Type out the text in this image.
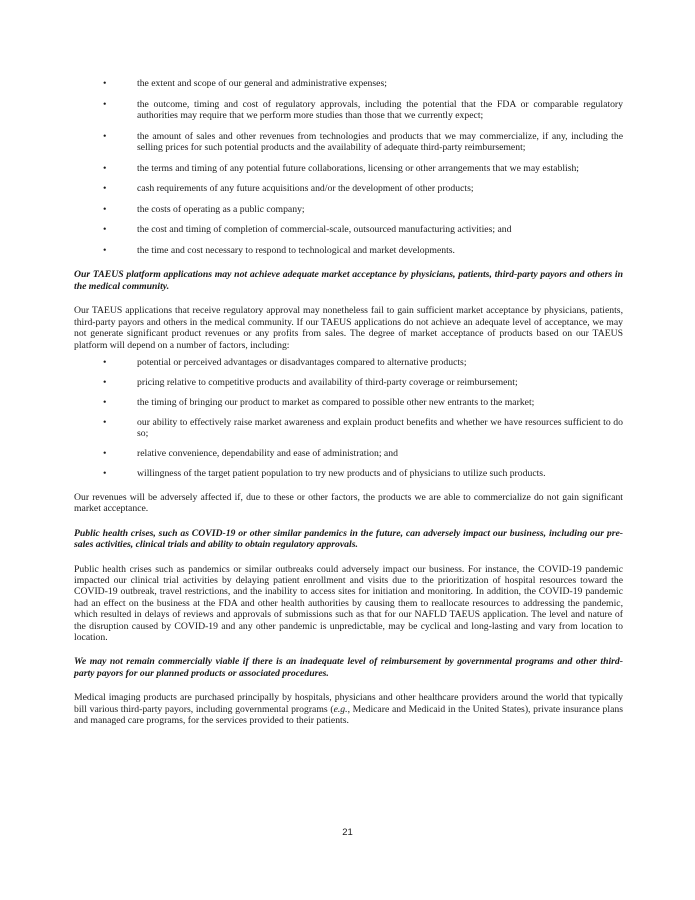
•	the extent and scope of our general and administrative expenses;
•	the outcome, timing and cost of regulatory approvals, including the potential that the FDA or comparable regulatory authorities may require that we perform more studies than those that we currently expect;
•	the amount of sales and other revenues from technologies and products that we may commercialize, if any, including the selling prices for such potential products and the availability of adequate third-party reimbursement;
•	the terms and timing of any potential future collaborations, licensing or other arrangements that we may establish;
•	cash requirements of any future acquisitions and/or the development of other products;
•	the costs of operating as a public company;
•	the cost and timing of completion of commercial-scale, outsourced manufacturing activities; and
•	the time and cost necessary to respond to technological and market developments.

Our TAEUS platform applications may not achieve adequate market acceptance by physicians, patients, third-party payors and others in the medical community.

Our TAEUS applications that receive regulatory approval may nonetheless fail to gain sufficient market acceptance by physicians, patients, third-party payors and others in the medical community. If our TAEUS applications do not achieve an adequate level of acceptance, we may not generate significant product revenues or any profits from sales. The degree of market acceptance of products based on our TAEUS platform will depend on a number of factors, including:

•	potential or perceived advantages or disadvantages compared to alternative products;
•	pricing relative to competitive products and availability of third-party coverage or reimbursement;
•	the timing of bringing our product to market as compared to possible other new entrants to the market;
•	our ability to effectively raise market awareness and explain product benefits and whether we have resources sufficient to do so;
•	relative convenience, dependability and ease of administration; and
•	willingness of the target patient population to try new products and of physicians to utilize such products.

Our revenues will be adversely affected if, due to these or other factors, the products we are able to commercialize do not gain significant market acceptance.

Public health crises, such as COVID-19 or other similar pandemics in the future, can adversely impact our business, including our pre-sales activities, clinical trials and ability to obtain regulatory approvals.

Public health crises such as pandemics or similar outbreaks could adversely impact our business. For instance, the COVID-19 pandemic impacted our clinical trial activities by delaying patient enrollment and visits due to the prioritization of hospital resources toward the COVID-19 outbreak, travel restrictions, and the inability to access sites for initiation and monitoring. In addition, the COVID-19 pandemic had an effect on the business at the FDA and other health authorities by causing them to reallocate resources to addressing the pandemic, which resulted in delays of reviews and approvals of submissions such as that for our NAFLD TAEUS application. The level and nature of the disruption caused by COVID-19 and any other pandemic is unpredictable, may be cyclical and long-lasting and vary from location to location.

We may not remain commercially viable if there is an inadequate level of reimbursement by governmental programs and other third-party payors for our planned products or associated procedures.

Medical imaging products are purchased principally by hospitals, physicians and other healthcare providers around the world that typically bill various third-party payors, including governmental programs (e.g., Medicare and Medicaid in the United States), private insurance plans and managed care programs, for the services provided to their patients.

21
